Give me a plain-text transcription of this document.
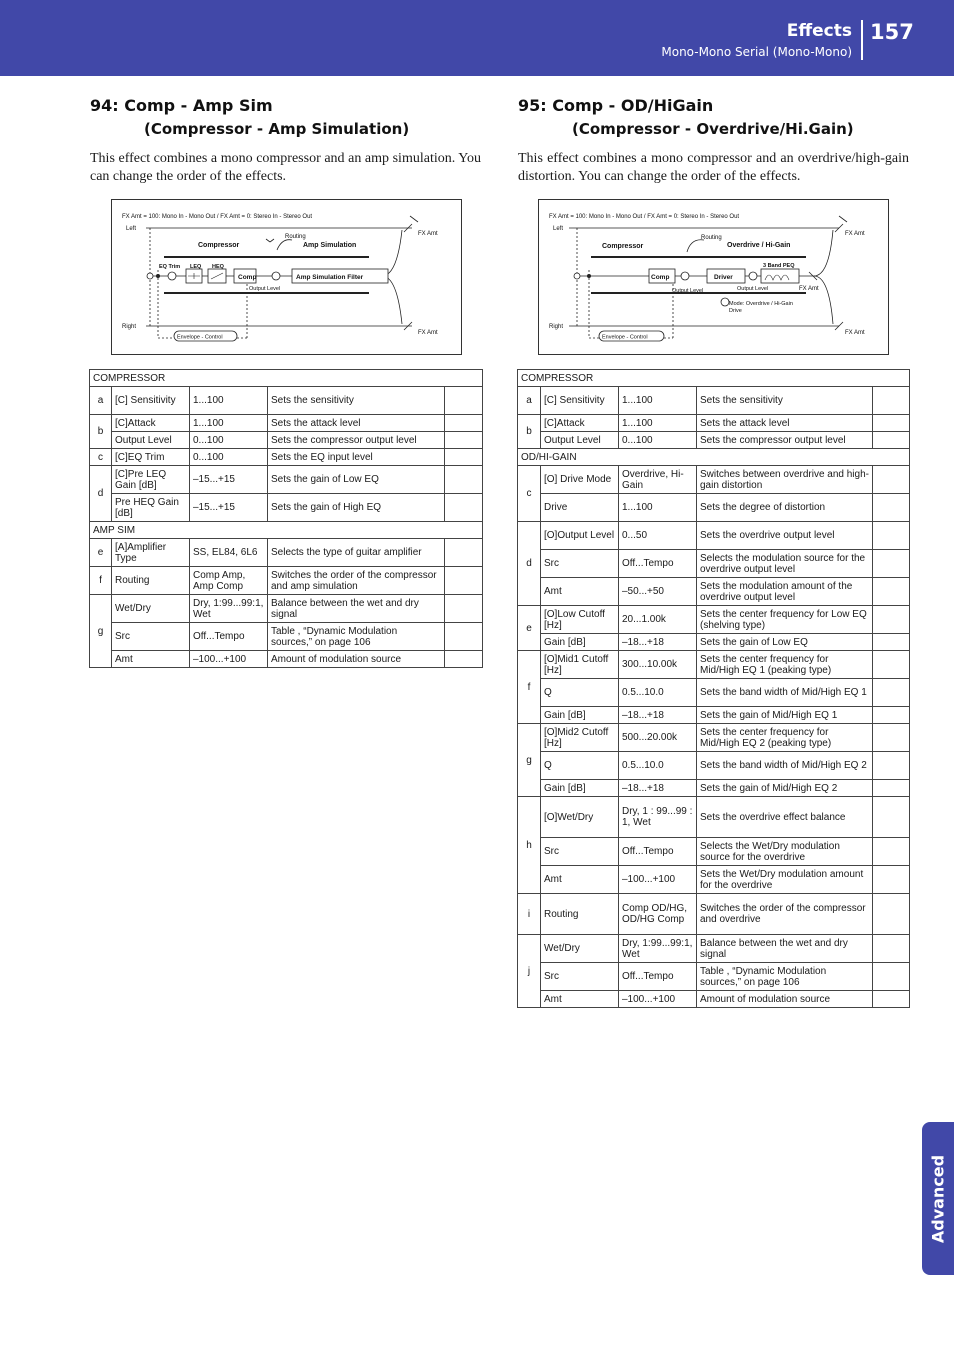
Effects
Mono-Mono Serial (Mono-Mono)
157
Advanced
94: Comp - Amp Sim
(Compressor - Amp Simulation)
This effect combines a mono compressor and an amp simulation. You can change the order of the effects.
FX Amt = 100: Mono In - Mono Out / FX Amt = 0: Stereo In - Stereo Out
Left
Right
FX Amt
FX Amt
Routing
Compressor	Amp Simulation
EQ Trim LEQ HEQ
Comp	Amp Simulation Filter
Output Level
Envelope - Control
COMPRESSOR				
a	[C] Sensitivity	1...100	Sets the sensitivity	
b	[C]Attack	1...100	Sets the attack level	
	Output Level	0...100	Sets the compressor output level	
c	[C]EQ Trim	0...100	Sets the EQ input level	
d	[C]Pre LEQ Gain [dB]	–15...+15	Sets the gain of Low EQ	
	Pre HEQ Gain [dB]	–15...+15	Sets the gain of High EQ	
AMP SIM				
e	[A]Amplifier Type	SS, EL84, 6L6	Selects the type of guitar amplifier	
f	Routing	Comp Amp, Amp Comp	Switches the order of the compressor and amp simulation	
g	Wet/Dry	Dry, 1:99...99:1, Wet	Balance between the wet and dry signal	
	Src	Off...Tempo	Table , “Dynamic Modulation sources,” on page 106	
	Amt	–100...+100	Amount of modulation source	
95: Comp - OD/HiGain
(Compressor - Overdrive/Hi.Gain)
This effect combines a mono compressor and an overdrive/high-gain distortion. You can change the order of the effects.
FX Amt = 100: Mono In - Mono Out / FX Amt = 0: Stereo In - Stereo Out
Left
Right
FX Amt
FX Amt
FX Amt
Routing
Compressor	Overdrive / Hi-Gain
Comp	Driver
3 Band PEQ
Output Level	Output Level
Mode: Overdrive / Hi-Gain
Drive
Envelope - Control
COMPRESSOR				
a	[C] Sensitivity	1...100	Sets the sensitivity	
b	[C]Attack	1...100	Sets the attack level	
	Output Level	0...100	Sets the compressor output level	
OD/HI-GAIN				
c	[O] Drive Mode	Overdrive, Hi-Gain	Switches between overdrive and high-gain distortion	
	Drive	1...100	Sets the degree of distortion	
d	[O]Output Level	0...50	Sets the overdrive output level	
	Src	Off...Tempo	Selects the modulation source for the overdrive output level	
	Amt	–50...+50	Sets the modulation amount of the overdrive output level	
e	[O]Low Cutoff [Hz]	20...1.00k	Sets the center frequency for Low EQ (shelving type)	
	Gain [dB]	–18...+18	Sets the gain of Low EQ	
f	[O]Mid1 Cutoff [Hz]	300...10.00k	Sets the center frequency for Mid/High EQ 1 (peaking type)	
	Q	0.5...10.0	Sets the band width of Mid/High EQ 1	
	Gain [dB]	–18...+18	Sets the gain of Mid/High EQ 1	
g	[O]Mid2 Cutoff [Hz]	500...20.00k	Sets the center frequency for Mid/High EQ 2 (peaking type)	
	Q	0.5...10.0	Sets the band width of Mid/High EQ 2	
	Gain [dB]	–18...+18	Sets the gain of Mid/High EQ 2	
h	[O]Wet/Dry	Dry, 1 : 99...99 : 1, Wet	Sets the overdrive effect balance	
	Src	Off...Tempo	Selects the Wet/Dry modulation source for the overdrive	
	Amt	–100...+100	Sets the Wet/Dry modulation amount for the overdrive	
i	Routing	Comp OD/HG, OD/HG Comp	Switches the order of the compressor and overdrive	
j	Wet/Dry	Dry, 1:99...99:1, Wet	Balance between the wet and dry signal	
	Src	Off...Tempo	Table , “Dynamic Modulation sources,” on page 106	
	Amt	–100...+100	Amount of modulation source	
